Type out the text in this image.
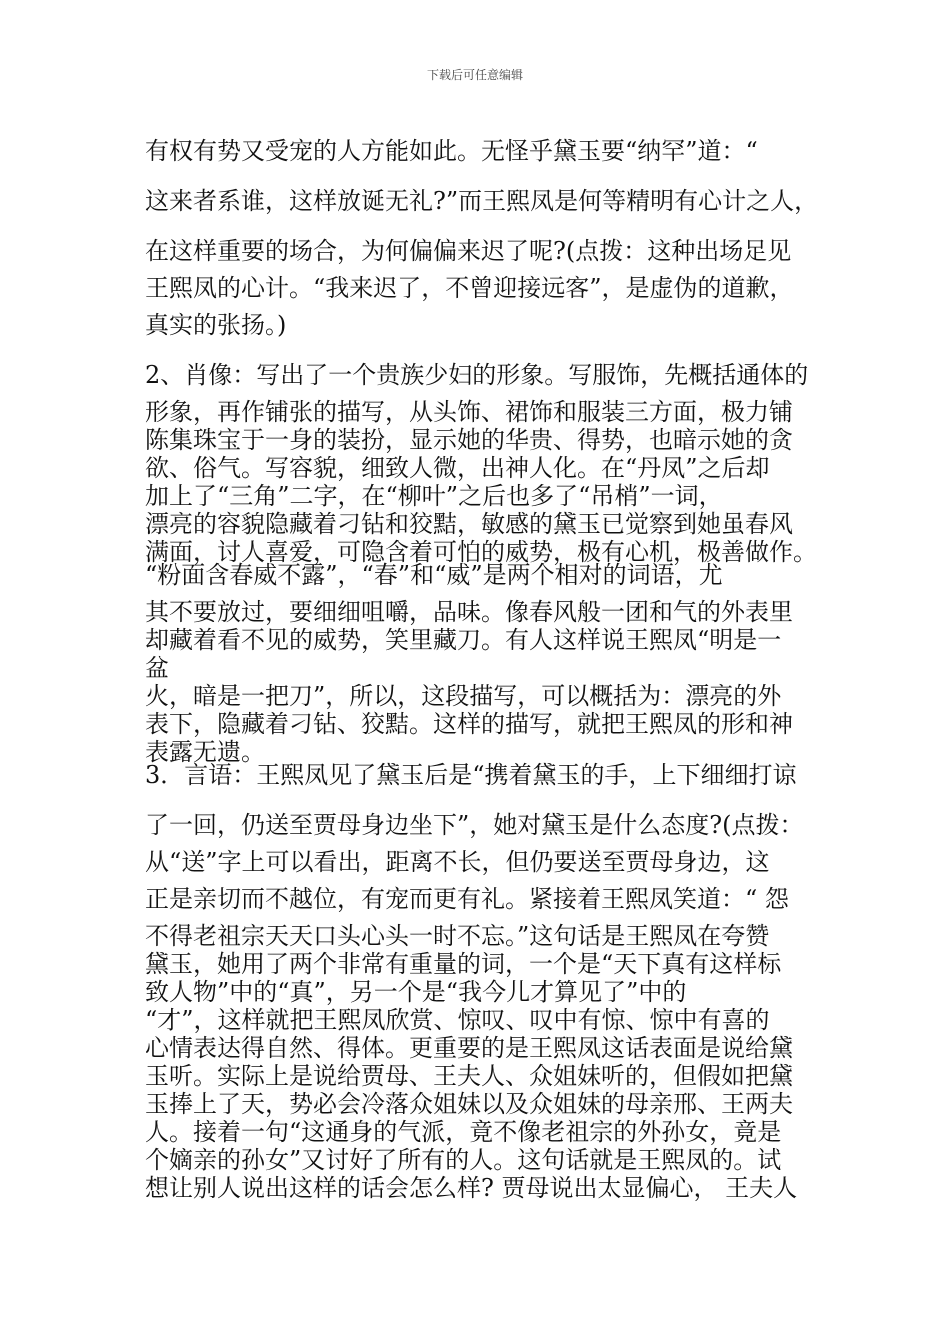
下载后可任意编辑
有权有势又受宠的人方能如此。无怪乎黛玉要“纳罕”道：“
这来者系谁，这样放诞无礼?”而王熙凤是何等精明有心计之人，
在这样重要的场合，为何偏偏来迟了呢?(点拨：这种出场足见
王熙凤的心计。“我来迟了，不曾迎接远客”，是虚伪的道歉，
真实的张扬。)
2、肖像：写出了一个贵族少妇的形象。写服饰，先概括通体的
形象，再作铺张的描写，从头饰、裙饰和服装三方面，极力铺
陈集珠宝于一身的装扮，显示她的华贵、得势，也暗示她的贪
欲、俗气。写容貌，细致人微，出神人化。在“丹凤”之后却
加上了“三角”二字，在“柳叶”之后也多了“吊梢”一词，
漂亮的容貌隐藏着刁钻和狡黠，敏感的黛玉已觉察到她虽春风
满面，讨人喜爱，可隐含着可怕的威势，极有心机，极善做作。
“粉面含春威不露”，“春”和“威”是两个相对的词语，尤
其不要放过，要细细咀嚼，品味。像春风般一团和气的外表里
却藏着看不见的威势，笑里藏刀。有人这样说王熙凤“明是一
盆
火，暗是一把刀”，所以，这段描写，可以概括为：漂亮的外
表下，隐藏着刁钻、狡黠。这样的描写，就把王熙凤的形和神
表露无遗。
3．言语：王熙凤见了黛玉后是“携着黛玉的手，上下细细打谅
了一回，仍送至贾母身边坐下”，她对黛玉是什么态度?(点拨：
从“送”字上可以看出，距离不长，但仍要送至贾母身边，这
正是亲切而不越位，有宠而更有礼。紧接着王熙凤笑道：“ 怨
不得老祖宗天天口头心头一时不忘。”这句话是王熙凤在夸赞
黛玉，她用了两个非常有重量的词，一个是“天下真有这样标
致人物”中的“真”，另一个是“我今儿才算见了”中的
“才”，这样就把王熙凤欣赏、惊叹、叹中有惊、惊中有喜的
心情表达得自然、得体。更重要的是王熙凤这话表面是说给黛
玉听。实际上是说给贾母、王夫人、众姐妹听的，但假如把黛
玉捧上了天，势必会冷落众姐妹以及众姐妹的母亲邢、王两夫
人。接着一句“这通身的气派，竟不像老祖宗的外孙女，竟是
个嫡亲的孙女”又讨好了所有的人。这句话就是王熙凤的。试
想让别人说出这样的话会怎么样? 贾母说出太显偏心， 王夫人
